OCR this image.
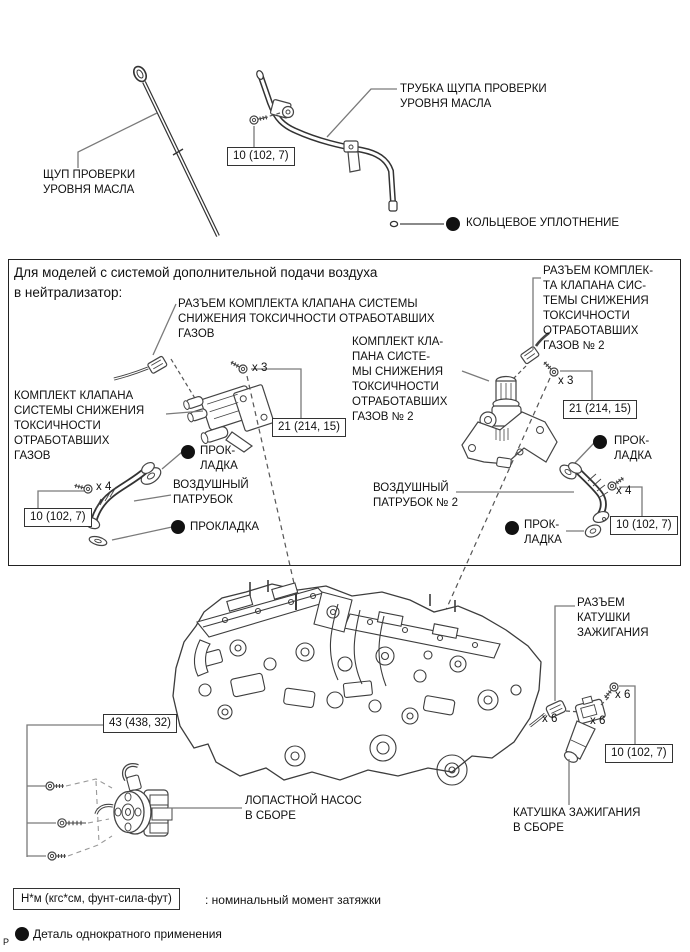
ЩУП ПРОВЕРКИ
УРОВНЯ МАСЛА
ТРУБКА ЩУПА ПРОВЕРКИ
УРОВНЯ МАСЛА
10 (102, 7)
КОЛЬЦЕВОЕ УПЛОТНЕНИЕ
Для моделей с системой дополнительной подачи воздуха
в нейтрализатор:
РАЗЪЕМ КОМПЛЕКТА КЛАПАНА СИСТЕМЫ
СНИЖЕНИЯ ТОКСИЧНОСТИ ОТРАБОТАВШИХ
ГАЗОВ
КОМПЛЕКТ КЛАПАНА
СИСТЕМЫ СНИЖЕНИЯ
ТОКСИЧНОСТИ
ОТРАБОТАВШИХ
ГАЗОВ
x 3
21 (214, 15)
ПРОК-
ЛАДКА
x 4
10 (102, 7)
ВОЗДУШНЫЙ
ПАТРУБОК
ПРОКЛАДКА
КОМПЛЕКТ КЛА-
ПАНА СИСТЕ-
МЫ СНИЖЕНИЯ
ТОКСИЧНОСТИ
ОТРАБОТАВШИХ
ГАЗОВ № 2
РАЗЪЕМ КОМПЛЕК-
ТА КЛАПАНА СИС-
ТЕМЫ СНИЖЕНИЯ
ТОКСИЧНОСТИ
ОТРАБОТАВШИХ
ГАЗОВ № 2
x 3
21 (214, 15)
ПРОК-
ЛАДКА
ВОЗДУШНЫЙ
ПАТРУБОК № 2
x 4
10 (102, 7)
ПРОК-
ЛАДКА
43 (438, 32)
ЛОПАСТНОЙ НАСОС
В СБОРЕ
РАЗЪЕМ
КАТУШКИ
ЗАЖИГАНИЯ
x 6	x 6
x 6
10 (102, 7)
КАТУШКА ЗАЖИГАНИЯ
В СБОРЕ
Н*м (кгс*см, фунт-сила-фут)	: номинальный момент затяжки
Деталь однократного применения
Р
